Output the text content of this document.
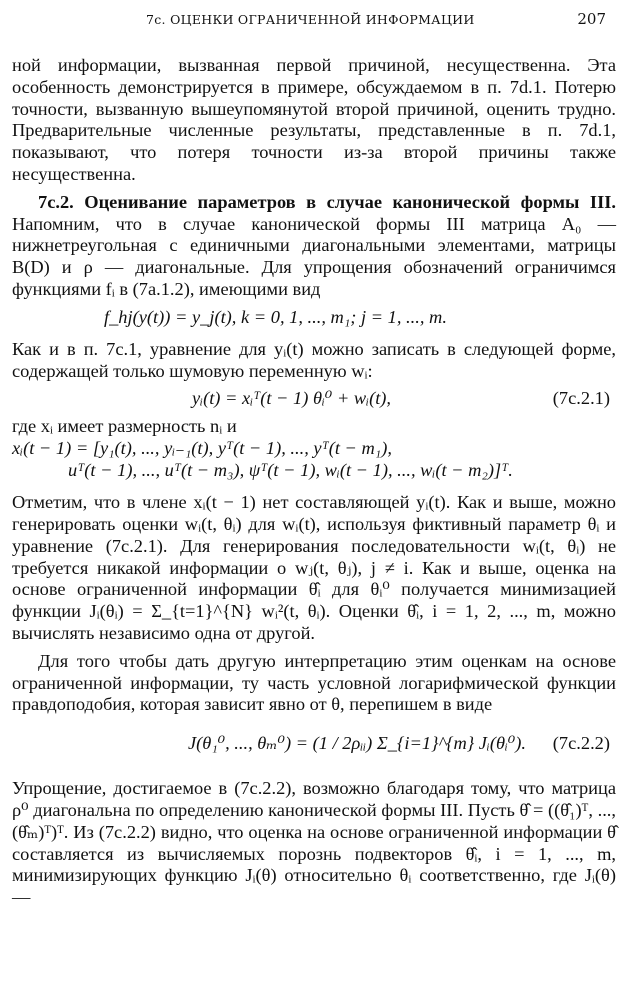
7с. ОЦЕНКИ ОГРАНИЧЕННОЙ ИНФОРМАЦИИ	207

ной информации, вызванная первой причиной, несущественна. Эта особенность демонстрируется в примере, обсуждаемом в п. 7d.1. Потерю точности, вызванную вышеупомянутой второй причиной, оценить трудно. Предварительные численные результаты, представленные в п. 7d.1, показывают, что потеря точности из-за второй причины также несущественна.

7с.2. Оценивание параметров в случае канонической формы III. Напомним, что в случае канонической формы III матрица A₀ — нижнетреугольная с единичными диагональными элементами, матрицы B(D) и ρ — диагональные. Для упрощения обозначений ограничимся функциями fᵢ в (7a.1.2), имеющими вид

f_hj(y(t)) = y_j(t), k = 0, 1, ..., m₁; j = 1, ..., m.

Как и в п. 7с.1, уравнение для yᵢ(t) можно записать в следующей форме, содержащей только шумовую переменную wᵢ:

yᵢ(t) = xᵢᵀ(t − 1) θᵢ⁰ + wᵢ(t),	(7с.2.1)

где xᵢ имеет размерность nᵢ и

xᵢ(t − 1) = [y₁(t), ..., yᵢ₋₁(t), yᵀ(t − 1), ..., yᵀ(t − m₁),
uᵀ(t − 1), ..., uᵀ(t − m₃), ψᵀ(t − 1), wᵢ(t − 1), ..., wᵢ(t − m₂)]ᵀ.

Отметим, что в члене xᵢ(t − 1) нет составляющей yᵢ(t). Как и выше, можно генерировать оценки wᵢ(t, θᵢ) для wᵢ(t), используя фиктивный параметр θᵢ и уравнение (7с.2.1). Для генерирования последовательности wᵢ(t, θᵢ) не требуется никакой информации о wⱼ(t, θⱼ), j ≠ i. Как и выше, оценка на основе ограниченной информации θ̂ᵢ для θᵢ⁰ получается минимизацией функции Jᵢ(θᵢ) = Σ_{t=1}^{N} wᵢ²(t, θᵢ). Оценки θ̂ᵢ, i = 1, 2, ..., m, можно вычислять независимо одна от другой.

Для того чтобы дать другую интерпретацию этим оценкам на основе ограниченной информации, ту часть условной логарифмической функции правдоподобия, которая зависит явно от θ, перепишем в виде

J(θ₁⁰, ..., θₘ⁰) = (1 / 2ρᵢᵢ) Σ_{i=1}^{m} Jᵢ(θᵢ⁰). (7с.2.2)

Упрощение, достигаемое в (7с.2.2), возможно благодаря тому, что матрица ρ⁰ диагональна по определению канонической формы III. Пусть θ̂ = ((θ̂₁)ᵀ, ..., (θ̂ₘ)ᵀ)ᵀ. Из (7с.2.2) видно, что оценка на основе ограниченной информации θ̂ составляется из вычисляемых порознь подвекторов θ̂ᵢ, i = 1, ..., m, минимизирующих функцию Jᵢ(θ) относительно θᵢ соответственно, где Jᵢ(θ) —
